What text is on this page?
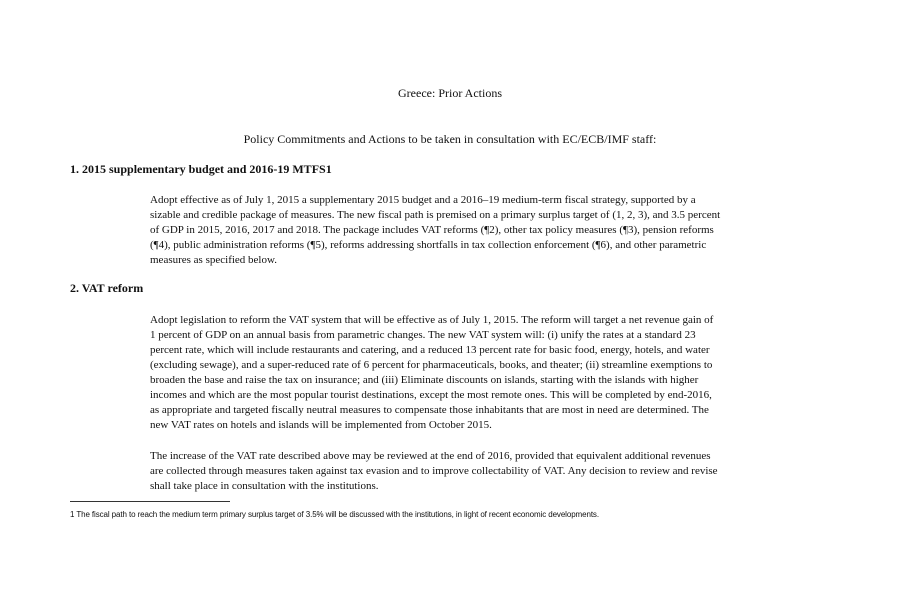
Greece: Prior Actions
Policy Commitments and Actions to be taken in consultation with EC/ECB/IMF staff:
1. 2015 supplementary budget and 2016-19 MTFS1
Adopt effective as of July 1, 2015 a supplementary 2015 budget and a 2016–19 medium-term fiscal strategy, supported by a
sizable and credible package of measures. The new fiscal path is premised on a primary surplus target of (1, 2, 3), and 3.5 percent
of GDP in 2015, 2016, 2017 and 2018. The package includes VAT reforms (¶2), other tax policy measures (¶3), pension reforms
(¶4), public administration reforms (¶5), reforms addressing shortfalls in tax collection enforcement (¶6), and other parametric
measures as specified below.
2. VAT reform
Adopt legislation to reform the VAT system that will be effective as of July 1, 2015. The reform will target a net revenue gain of
1 percent of GDP on an annual basis from parametric changes. The new VAT system will: (i) unify the rates at a standard 23
percent rate, which will include restaurants and catering, and a reduced 13 percent rate for basic food, energy, hotels, and water
(excluding sewage), and a super-reduced rate of 6 percent for pharmaceuticals, books, and theater; (ii) streamline exemptions to
broaden the base and raise the tax on insurance; and (iii) Eliminate discounts on islands, starting with the islands with higher
incomes and which are the most popular tourist destinations, except the most remote ones. This will be completed by end-2016,
as appropriate and targeted fiscally neutral measures to compensate those inhabitants that are most in need are determined. The
new VAT rates on hotels and islands will be implemented from October 2015.
The increase of the VAT rate described above may be reviewed at the end of 2016, provided that equivalent additional revenues
are collected through measures taken against tax evasion and to improve collectability of VAT. Any decision to review and revise
shall take place in consultation with the institutions.
1 The fiscal path to reach the medium term primary surplus target of 3.5% will be discussed with the institutions, in light of recent economic developments.
